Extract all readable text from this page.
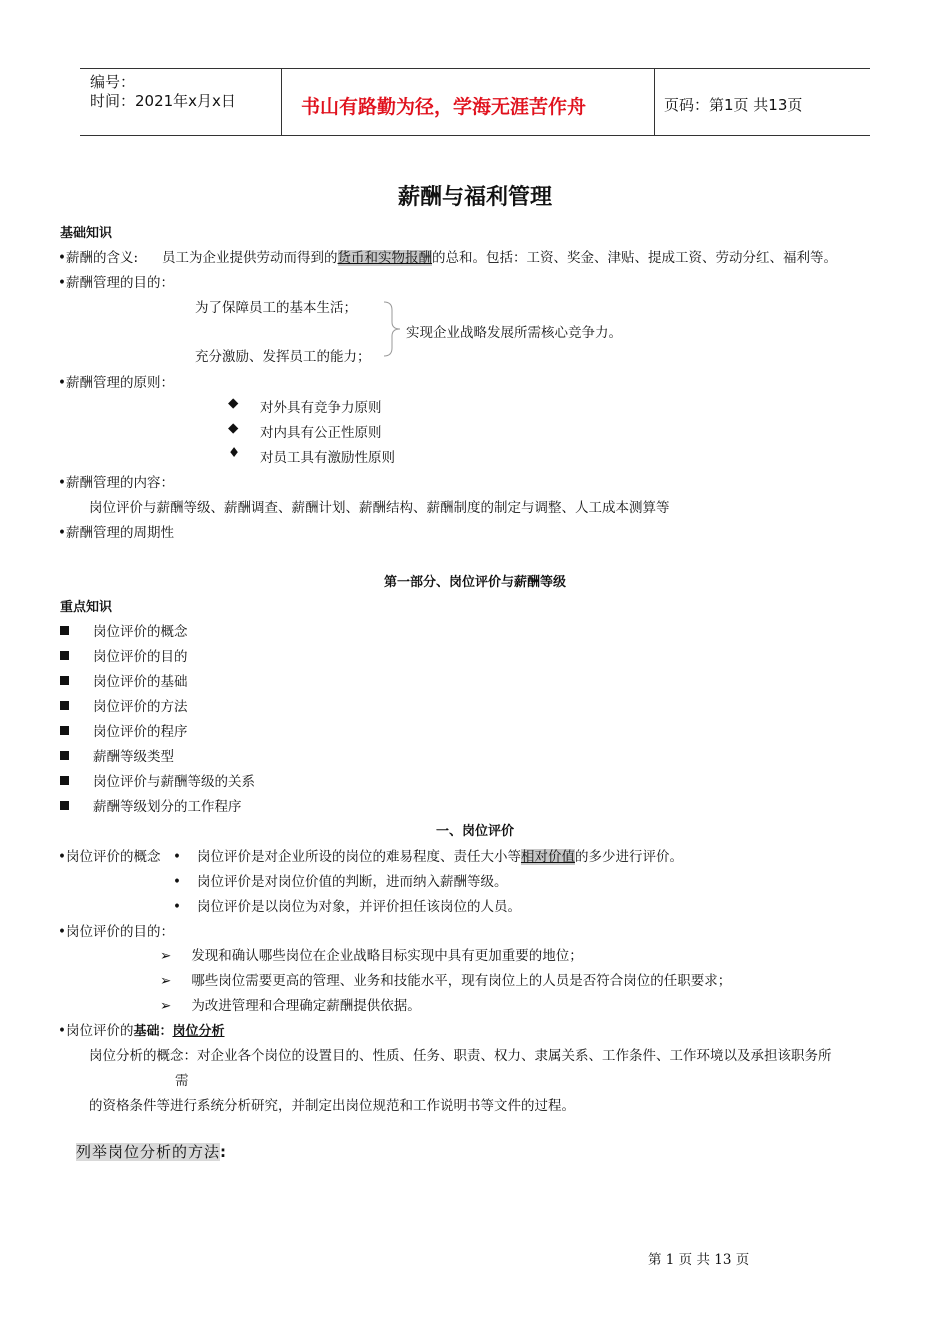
编号：
时间：2021年x月x日	书山有路勤为径，学海无涯苦作舟	页码：第1页 共13页
薪酬与福利管理
基础知识
•薪酬的含义: 员工为企业提供劳动而得到的货币和实物报酬的总和。包括：工资、奖金、津贴、提成工资、劳动分红、福利等。
•薪酬管理的目的：
为了保障员工的基本生活；
充分激励、发挥员工的能力；
实现企业战略发展所需核心竞争力。
•薪酬管理的原则：
◆ 对外具有竞争力原则
◆ 对内具有公正性原则
♦ 对员工具有激励性原则
•薪酬管理的内容：
岗位评价与薪酬等级、薪酬调查、薪酬计划、薪酬结构、薪酬制度的制定与调整、人工成本测算等
•薪酬管理的周期性
第一部分、岗位评价与薪酬等级
重点知识
岗位评价的概念
岗位评价的目的
岗位评价的基础
岗位评价的方法
岗位评价的程序
薪酬等级类型
岗位评价与薪酬等级的关系
薪酬等级划分的工作程序
一、岗位评价
•岗位评价的概念 • 岗位评价是对企业所设的岗位的难易程度、责任大小等相对价值的多少进行评价。
• 岗位评价是对岗位价值的判断，进而纳入薪酬等级。
• 岗位评价是以岗位为对象，并评价担任该岗位的人员。
•岗位评价的目的：
➢ 发现和确认哪些岗位在企业战略目标实现中具有更加重要的地位；
➢ 哪些岗位需要更高的管理、业务和技能水平，现有岗位上的人员是否符合岗位的任职要求；
➢ 为改进管理和合理确定薪酬提供依据。
•岗位评价的基础：岗位分析
岗位分析的概念：对企业各个岗位的设置目的、性质、任务、职责、权力、隶属关系、工作条件、工作环境以及承担该职务所
需
的资格条件等进行系统分析研究，并制定出岗位规范和工作说明书等文件的过程。
列举岗位分析的方法:
第 1 页 共 13 页
